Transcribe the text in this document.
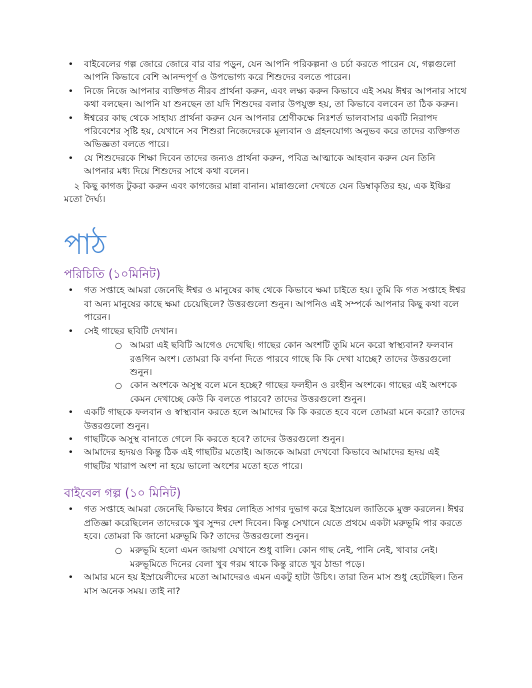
• বাইবেলের গল্প জোরে জোরে বার বার পড়ুন, যেন আপনি পরিকল্পনা ও চর্চা করতে পারেন যে, গল্পগুলো আপনি কিভাবে বেশি আনন্দপূর্ণ ও উপভোগ্য করে শিশুদের বলতে পারেন।
• নিজে নিজে আপনার ব্যক্তিগত নীরব প্রার্থনা করুন, এবং লক্ষ্য করুন কিভাবে এই সময় ঈশ্বর আপনার সাথে কথা বলছেন। আপনি যা শুনছেন তা যদি শিশুদের বলার উপযুক্ত হয়, তা কিভাবে বলবেন তা ঠিক করুন।
• ঈশ্বরের কাছ থেকে সাহায্য প্রার্থনা করুন যেন আপনার শ্রেণীকক্ষে নিঃশর্ত ভালবাসার একটি নিরাপদ পরিবেশের সৃষ্টি হয়, যেখানে সব শিশুরা নিজেদেরকে মূল্যবান ও গ্রহনযোগ্য অনুভব করে তাদের ব্যক্তিগত অভিজ্ঞতা বলতে পারে।
• যে শিশুদেরকে শিক্ষা দিবেন তাদের জন্যও প্রার্থনা করুন, পবিত্র আত্মাকে আহবান করুন যেন তিনি আপনার মধ্য দিয়ে শিশুদের সাথে কথা বলেন।
২ কিছু কাগজ টুকরা করুন এবং কাগজের মান্না বানান। মান্নাগুলো দেখতে যেন ডিম্বাকৃতির হয়, এক ইঞ্চির মতো দৈর্ঘ্য।
পাঠ
পরিচিতি (১০মিনিট)
• গত সপ্তাহে আমরা জেনেছি ঈশ্বর ও মানুষের কাছ থেকে কিভাবে ক্ষমা চাইতে হয়। তুমি কি গত সপ্তাহে ঈশ্বর বা অন্য মানুষের কাছে ক্ষমা চেয়েছিলে? উত্তরগুলো শুনুন। আপনিও এই সম্পর্কে আপনার কিছু কথা বলে পারেন।
• সেই গাছের ছবিটি দেখান।
○ আমরা এই ছবিটি আগেও দেখেছি। গাছের কোন অংশটি তুমি মনে করো স্বাস্থ্যবান? ফলবান রঙগিন অংশ। তোমরা কি বর্ণনা দিতে পারবে গাছে কি কি দেখা যাচ্ছে? তাদের উত্তরগুলো শুনুন।
○ কোন অংশকে অসুস্থ বলে মনে হচ্ছে? গাছের ফলহীন ও রংহীন অংশকে। গাছের এই অংশকে কেমন দেখাচ্ছে কেউ কি বলতে পারবে? তাদের উত্তরগুলো শুনুন।
• একটি গাছকে ফলবান ও স্বাস্থ্যবান করতে হলে আমাদের কি কি করতে হবে বলে তোমরা মনে করো? তাদের উত্তরগুলো শুনুন।
• গাছটিকে অসুস্থ বানাতে গেলে কি করতে হবে? তাদের উত্তরগুলো শুনুন।
• আমাদের হৃদয়ও কিন্তু ঠিক এই গাছটির মতোই। আজকে আমরা দেখবো কিভাবে আমাদের হৃদয় এই গাছটির খারাপ অংশ না হয়ে ভালো অংশের মতো হতে পারে।
বাইবেল গল্প (১০ মিনিট)
• গত সপ্তাহে আমরা জেনেছি কিভাবে ঈশ্বর লোহিত সাগর দুভাগ করে ইস্রায়েল জাতিকে মুক্ত করলেন। ঈশ্বর প্রতিজ্ঞা করেছিলেন তাদেরকে খুব সুন্দর দেশ দিবেন। কিন্তু সেখানে যেতে প্রথমে একটা মরুভূমি পার করতে হবে। তোমরা কি জানো মরুভূমি কি? তাদের উত্তরগুলো শুনুন।
○ মরুভূমি হলো এমন জায়গা যেখানে শুধু বালি। কোন গাছ নেই, পানি নেই, খাবার নেই। মরুভূমিতে দিনের বেলা খুব গরম থাকে কিন্তু রাতে খুব ঠান্ডা পড়ে।
• আমার মনে হয় ইস্রায়েলীদের মতো আমাদেরও এমন একটু হাটা উচিৎ। তারা তিন মাস শুধু হেটেছিল। তিন মাস অনেক সময়। তাই না?
